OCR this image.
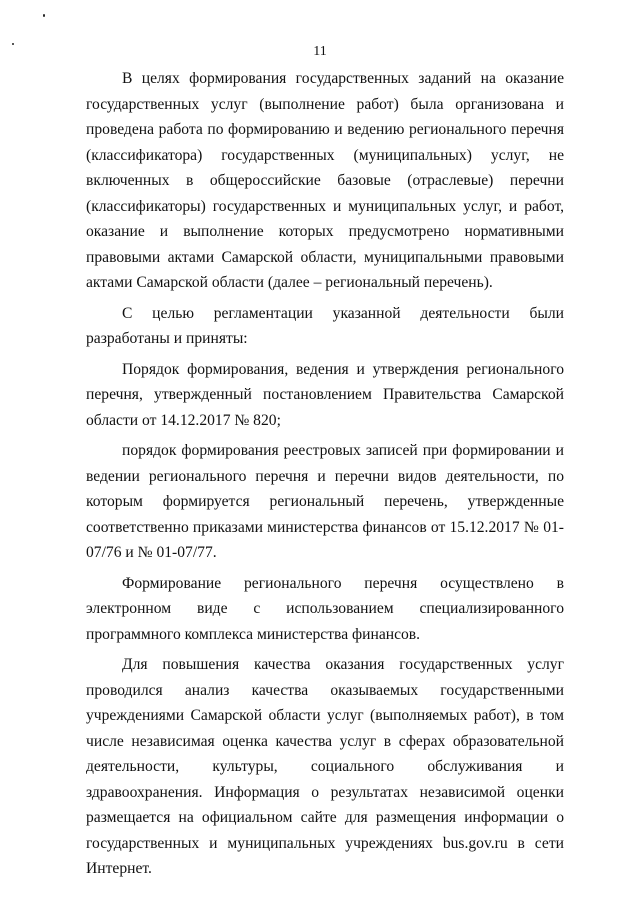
11

В целях формирования государственных заданий на оказание государственных услуг (выполнение работ) была организована и проведена работа по формированию и ведению регионального перечня (классификатора) государственных (муниципальных) услуг, не включенных в общероссийские базовые (отраслевые) перечни (классификаторы) государственных и муниципальных услуг, и работ, оказание и выполнение которых предусмотрено нормативными правовыми актами Самарской области, муниципальными правовыми актами Самарской области (далее – региональный перечень).

С целью регламентации указанной деятельности были разработаны и приняты:

Порядок формирования, ведения и утверждения регионального перечня, утвержденный постановлением Правительства Самарской области от 14.12.2017 № 820;

порядок формирования реестровых записей при формировании и ведении регионального перечня и перечни видов деятельности, по которым формируется региональный перечень, утвержденные соответственно приказами министерства финансов от 15.12.2017 № 01-07/76 и № 01-07/77.

Формирование регионального перечня осуществлено в электронном виде с использованием специализированного программного комплекса министерства финансов.

Для повышения качества оказания государственных услуг проводился анализ качества оказываемых государственными учреждениями Самарской области услуг (выполняемых работ), в том числе независимая оценка качества услуг в сферах образовательной деятельности, культуры, социального обслуживания и здравоохранения. Информация о результатах независимой оценки размещается на официальном сайте для размещения информации о государственных и муниципальных учреждениях bus.gov.ru в сети Интернет.
